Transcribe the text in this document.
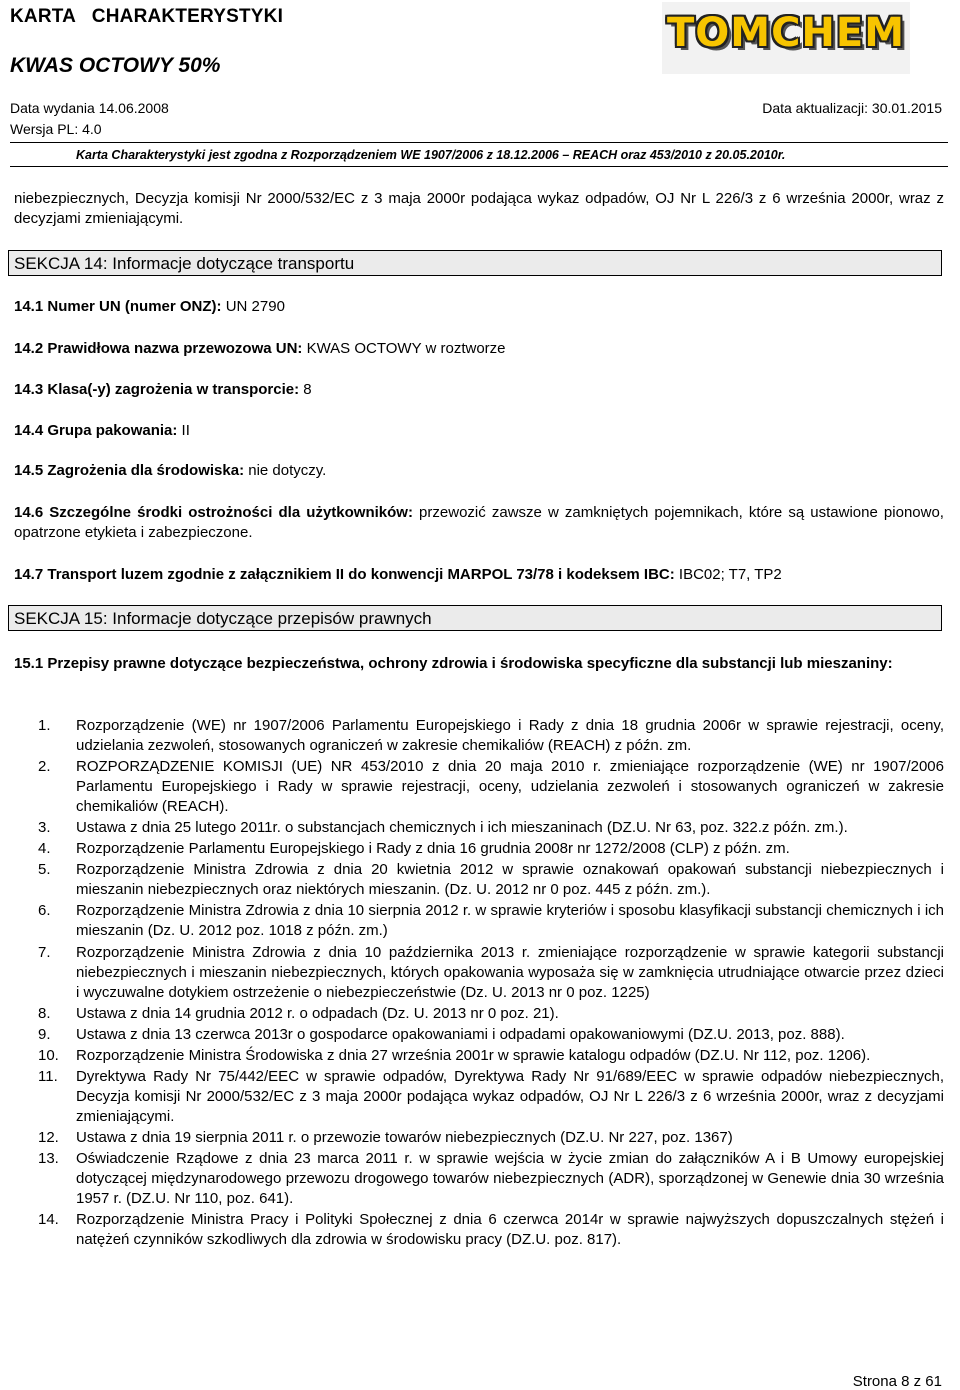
KARTA   CHARAKTERYSTYKI
KWAS OCTOWY 50%
TOMCHEM
Data wydania 14.06.2008	Data aktualizacji: 30.01.2015
Wersja PL: 4.0
Karta Charakterystyki jest zgodna z Rozporządzeniem WE 1907/2006 z 18.12.2006 – REACH oraz 453/2010 z 20.05.2010r.
niebezpiecznych, Decyzja komisji Nr 2000/532/EC z 3 maja 2000r podająca wykaz odpadów, OJ Nr L 226/3 z 6 września 2000r, wraz z decyzjami zmieniającymi.
SEKCJA 14: Informacje dotyczące transportu
14.1 Numer UN (numer ONZ): UN 2790
14.2 Prawidłowa nazwa przewozowa UN: KWAS OCTOWY w roztworze
14.3 Klasa(-y) zagrożenia w transporcie: 8
14.4 Grupa pakowania: II
14.5 Zagrożenia dla środowiska: nie dotyczy.
14.6 Szczególne środki ostrożności dla użytkowników: przewozić zawsze w zamkniętych pojemnikach, które są ustawione pionowo, opatrzone etykieta i zabezpieczone.
14.7 Transport luzem zgodnie z załącznikiem II do konwencji MARPOL 73/78 i kodeksem IBC: IBC02; T7, TP2
SEKCJA 15: Informacje dotyczące przepisów prawnych
15.1 Przepisy prawne dotyczące bezpieczeństwa, ochrony zdrowia i środowiska specyficzne dla substancji lub mieszaniny:
1.	Rozporządzenie (WE) nr 1907/2006 Parlamentu Europejskiego i Rady z dnia 18 grudnia 2006r w sprawie rejestracji, oceny, udzielania zezwoleń, stosowanych ograniczeń w zakresie chemikaliów (REACH) z późn. zm.
2.	ROZPORZĄDZENIE KOMISJI (UE) NR 453/2010 z dnia 20 maja 2010 r. zmieniające rozporządzenie (WE) nr 1907/2006 Parlamentu Europejskiego i Rady w sprawie rejestracji, oceny, udzielania zezwoleń i stosowanych ograniczeń w zakresie chemikaliów (REACH).
3.	Ustawa z dnia 25 lutego 2011r. o substancjach chemicznych i ich mieszaninach (DZ.U. Nr 63, poz. 322.z późn. zm.).
4.	Rozporządzenie Parlamentu Europejskiego i Rady z dnia 16 grudnia 2008r nr 1272/2008 (CLP) z późn. zm.
5.	Rozporządzenie Ministra Zdrowia z dnia 20 kwietnia 2012 w sprawie oznakowań opakowań substancji niebezpiecznych i mieszanin niebezpiecznych oraz niektórych mieszanin. (Dz. U. 2012 nr 0 poz. 445 z późn. zm.).
6.	Rozporządzenie Ministra Zdrowia z dnia 10 sierpnia 2012 r. w sprawie kryteriów i sposobu klasyfikacji substancji chemicznych i ich mieszanin (Dz. U. 2012 poz. 1018 z późn. zm.)
7.	Rozporządzenie Ministra Zdrowia z dnia 10 października 2013 r. zmieniające rozporządzenie w sprawie kategorii substancji niebezpiecznych i mieszanin niebezpiecznych, których opakowania wyposaża się w zamknięcia utrudniające otwarcie przez dzieci i wyczuwalne dotykiem ostrzeżenie o niebezpieczeństwie (Dz. U. 2013 nr 0 poz. 1225)
8.	Ustawa z dnia 14 grudnia 2012 r. o odpadach (Dz. U. 2013 nr 0 poz. 21).
9.	Ustawa z dnia 13 czerwca 2013r o gospodarce opakowaniami i odpadami opakowaniowymi (DZ.U. 2013, poz. 888).
10.	Rozporządzenie Ministra Środowiska z dnia 27 września 2001r w sprawie katalogu odpadów (DZ.U. Nr 112, poz. 1206).
11.	Dyrektywa Rady Nr 75/442/EEC w sprawie odpadów, Dyrektywa Rady Nr 91/689/EEC w sprawie odpadów niebezpiecznych, Decyzja komisji Nr 2000/532/EC z 3 maja 2000r podająca wykaz odpadów, OJ Nr L 226/3 z 6 września 2000r, wraz z decyzjami zmieniającymi.
12.	Ustawa z dnia 19 sierpnia 2011 r. o przewozie towarów niebezpiecznych (DZ.U. Nr 227, poz. 1367)
13.	Oświadczenie Rządowe z dnia 23 marca 2011 r. w sprawie wejścia w życie zmian do załączników A i B Umowy europejskiej dotyczącej międzynarodowego przewozu drogowego towarów niebezpiecznych (ADR), sporządzonej w Genewie dnia 30 września 1957 r. (DZ.U. Nr 110, poz. 641).
14.	Rozporządzenie Ministra Pracy i Polityki Społecznej z dnia 6 czerwca 2014r w sprawie najwyższych dopuszczalnych stężeń i natężeń czynników szkodliwych dla zdrowia w środowisku pracy (DZ.U. poz. 817).
Strona 8 z 61
